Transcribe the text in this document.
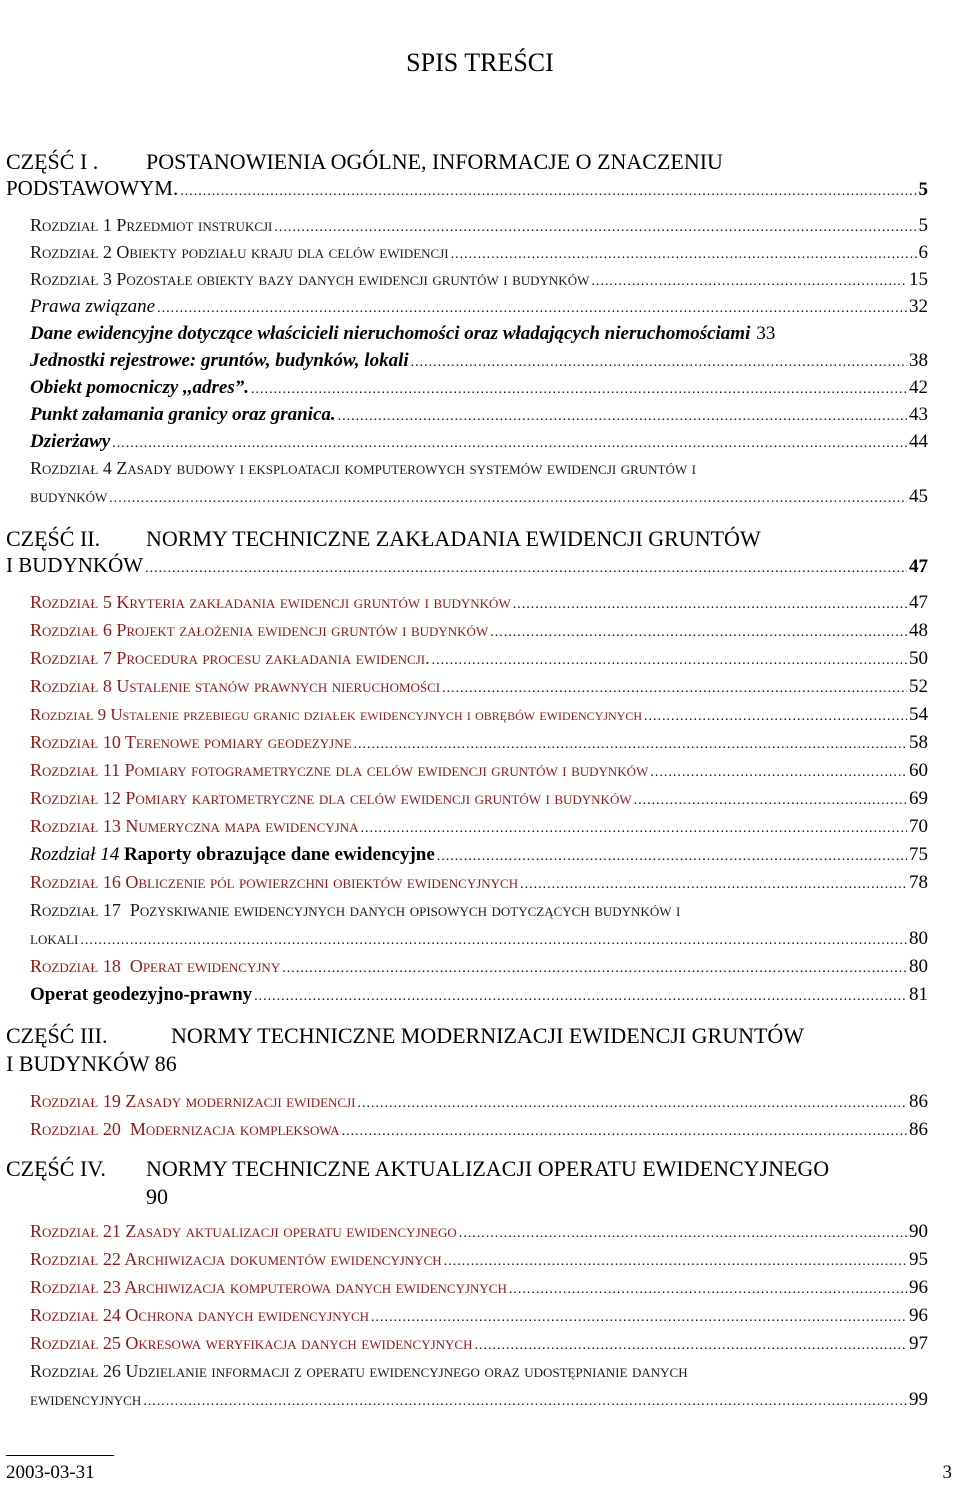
SPIS TREŚCI
CZĘŚĆ I . POSTANOWIENIA OGÓLNE, INFORMACJE O ZNACZENIU
PODSTAWOWYM. .....	5
Rozdział 1 Przedmiot instrukcji .....	5
Rozdział 2 Obiekty podziału kraju dla celów ewidencji .....	6
Rozdział 3 Pozostałe obiekty bazy danych ewidencji gruntów i budynków .....	15
Prawa związane .....	32
Dane ewidencyjne dotyczące właścicieli nieruchomości oraz władających nieruchomościami 33
Jednostki rejestrowe: gruntów, budynków, lokali .....	38
Obiekt pomocniczy ,,adres”. .....	42
Punkt załamania granicy oraz granica. .....	43
Dzierżawy .....	44
Rozdział 4 Zasady budowy i eksploatacji komputerowych systemów ewidencji gruntów i
budynków .....	45
CZĘŚĆ II. NORMY TECHNICZNE ZAKŁADANIA EWIDENCJI GRUNTÓW
I BUDYNKÓW .....	47
Rozdział 5 Kryteria zakładania ewidencji gruntów i budynków .....	47
Rozdział 6 Projekt założenia ewidencji gruntów i budynków .....	48
Rozdział 7 Procedura procesu zakładania ewidencji. .....	50
Rozdział 8 Ustalenie stanów prawnych nieruchomości .....	52
Rozdział 9 Ustalenie przebiegu granic działek ewidencyjnych i obrębów ewidencyjnych .....	54
Rozdział 10 Terenowe pomiary geodezyjne .....	58
Rozdział 11 Pomiary fotogrametryczne dla celów ewidencji gruntów i budynków .....	60
Rozdział 12 Pomiary kartometryczne dla celów ewidencji gruntów i budynków .....	69
Rozdział 13 Numeryczna mapa ewidencyjna .....	70
Rozdział 14 Raporty obrazujące dane ewidencyjne .....	75
Rozdział 16 Obliczenie pól powierzchni obiektów ewidencyjnych .....	78
Rozdział 17  Pozyskiwanie ewidencyjnych danych opisowych dotyczących budynków i
lokali .....	80
Rozdział 18  Operat ewidencyjny .....	80
Operat geodezyjno-prawny .....	81
CZĘŚĆ III.	NORMY TECHNICZNE MODERNIZACJI EWIDENCJI GRUNTÓW
I BUDYNKÓW 86
Rozdział 19 Zasady modernizacji ewidencji .....	86
Rozdział 20  Modernizacja kompleksowa .....	86
CZĘŚĆ IV. NORMY TECHNICZNE AKTUALIZACJI OPERATU EWIDENCYJNEGO
90
Rozdział 21 Zasady aktualizacji operatu ewidencyjnego .....	90
Rozdział 22 Archiwizacja dokumentów ewidencyjnych .....	95
Rozdział 23 Archiwizacja komputerowa danych ewidencyjnych .....	96
Rozdział 24 Ochrona danych ewidencyjnych .....	96
Rozdział 25 Okresowa weryfikacja danych ewidencyjnych .....	97
Rozdział 26 Udzielanie informacji z operatu ewidencyjnego oraz udostępnianie danych
ewidencyjnych .....	99
2003-03-31	3
